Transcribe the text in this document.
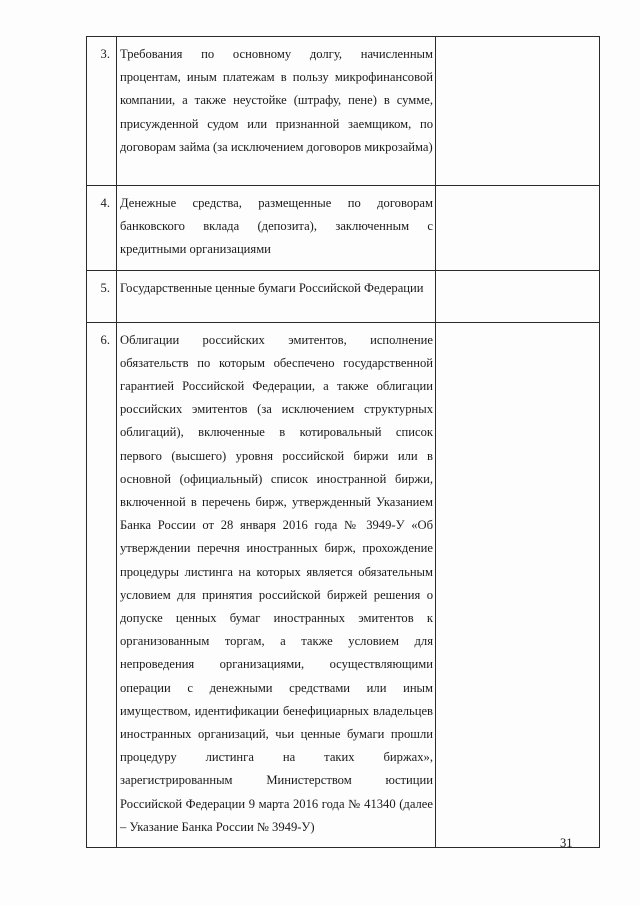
3.	Требования по основному долгу, начисленным процентам, иным платежам в пользу микрофинансовой компании, а также неустойке (штрафу, пене) в сумме, присужденной судом или признанной заемщиком, по договорам займа (за исключением договоров микрозайма)	

4.	Денежные средства, размещенные по договорам банковского вклада (депозита), заключенным с кредитными организациями	

5.	Государственные ценные бумаги Российской Федерации	

6.	Облигации российских эмитентов, исполнение обязательств по которым обеспечено государственной гарантией Российской Федерации, а также облигации российских эмитентов (за исключением структурных облигаций), включенные в котировальный список первого (высшего) уровня российской биржи или в основной (официальный) список иностранной биржи, включенной в перечень бирж, утвержденный Указанием Банка России от 28 января 2016 года № 3949-У «Об утверждении перечня иностранных бирж, прохождение процедуры листинга на которых является обязательным условием для принятия российской биржей решения о допуске ценных бумаг иностранных эмитентов к организованным торгам, а также условием для непроведения организациями, осуществляющими операции с денежными средствами или иным имуществом, идентификации бенефициарных владельцев иностранных организаций, чьи ценные бумаги прошли процедуру листинга на таких биржах», зарегистрированным Министерством юстиции Российской Федерации 9 марта 2016 года № 41340 (далее – Указание Банка России № 3949-У)	

31
